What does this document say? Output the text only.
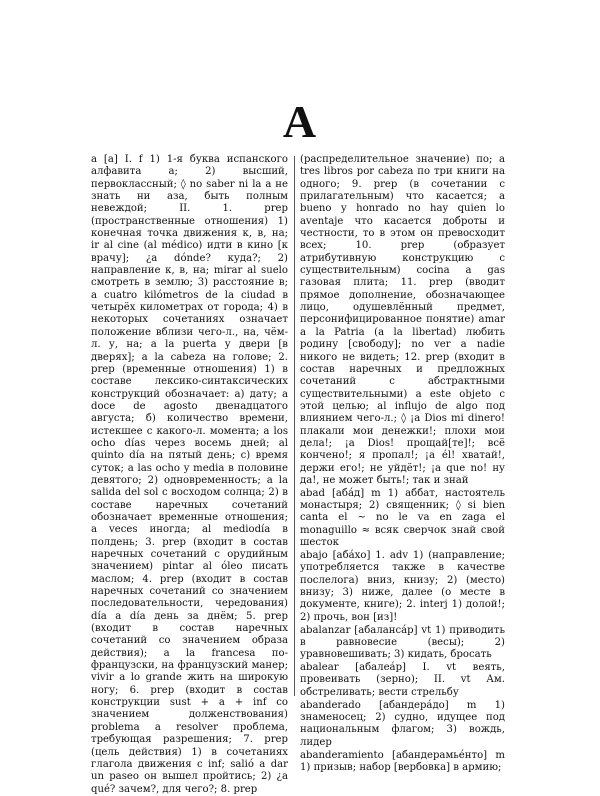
A

a [a] I. f 1) 1-я буква испанского алфавита а; 2) высший, первоклассный; ◊ no saber ni la a не знать ни аза, быть полным невеждой; II. 1. prep (пространственные отношения) 1) конечная точка движения к, в, на; ir al cine (al médico) идти в кино [к врачу]; ¿a dónde? куда?; 2) направление к, в, на; mirar al suelo смотреть в землю; 3) расстояние в; a cuatro kilómetros de la ciudad в четырёх километрах от города; 4) в некоторых сочетаниях означает положение вблизи чего-л., на, чём-л. у, на; a la puerta у двери [в дверях]; a la cabeza на голове; 2. prep (временные отношения) 1) в составе лексико-синтаксических конструкций обозначает: a) дату; a doce de agosto двенадцатого августа; б) количество времени, истекшее с какого-л. момента; a los ocho días через восемь дней; al quinto día на пятый день; c) время суток; a las ocho y media в половине девятого; 2) одновременность; a la salida del sol с восходом солнца; 2) в составе наречных сочетаний обозначает временные отношения; a veces иногда; al mediodía в полдень; 3. prep (входит в состав наречных сочетаний с орудийным значением) pintar al óleo писать маслом; 4. prep (входит в состав наречных сочетаний со значением последовательности, чередования) día a día день за днём; 5. prep (входит в состав наречных сочетаний со значением образа действия); a la francesa по-французски, на французский манер; vivir a lo grande жить на широкую ногу; 6. prep (входит в состав конструкции sust + a + inf со значением долженствования) problema a resolver проблема, требующая разрешения; 7. prep (цель действия) 1) в сочетаниях глагола движения с inf; salió a dar un paseo он вышел пройтись; 2) ¿a qué? зачем?, для чего?; 8. prep

(распределительное значение) по; a tres libros por cabeza по три книги на одного; 9. prep (в сочетании с прилагательным) что касается; a bueno y honrado no hay quien lo aventaje что касается доброты и честности, то в этом он превосходит всех; 10. prep (образует атрибутивную конструкцию с существительным) cocina a gas газовая плита; 11. prep (вводит прямое дополнение, обозначающее лицо, одушевлённый предмет, персонифицированное понятие) amar a la Patria (a la libertad) любить родину [свободу]; no ver a nadie никого не видеть; 12. prep (входит в состав наречных и предложных сочетаний с абстрактными существительными) a este objeto с этой целью; al influjo de algo под влиянием чего-л.; ◊ ¡a Dios mi dinero! плакали мои денежки!; плохи мои дела!; ¡a Dios! прощай[те]!; всё кончено!; я пропал!; ¡a él! хватай!, держи его!; не уйдёт!; ¡a que no! ну да!, не может быть!; так и знай

abad [аба́д] m 1) аббат, настоятель монастыря; 2) священник; ◊ si bien canta el ~ no le va en zaga el monaguillo ≈ всяк сверчок знай свой шесток

abajo [аба́хо] 1. adv 1) (направление; употребляется также в качестве послелога) вниз, книзу; 2) (место) внизу; 3) ниже, далее (о месте в документе, книге); 2. interj 1) долой!; 2) прочь, вон [из]!

abalanzar [абаланса́р] vt 1) приводить в равновесие (весы); 2) уравновешивать; 3) кидать, бросать

abalear [абалеа́р] I. vt веять, провеивать (зерно); II. vt Ам. обстреливать; вести стрельбу

abanderado [абандера́до] m 1) знаменосец; 2) судно, идущее под национальным флагом; 3) вождь, лидер

abanderamiento [абандерамье́нто] m 1) призыв; набор [вербовка] в армию;
